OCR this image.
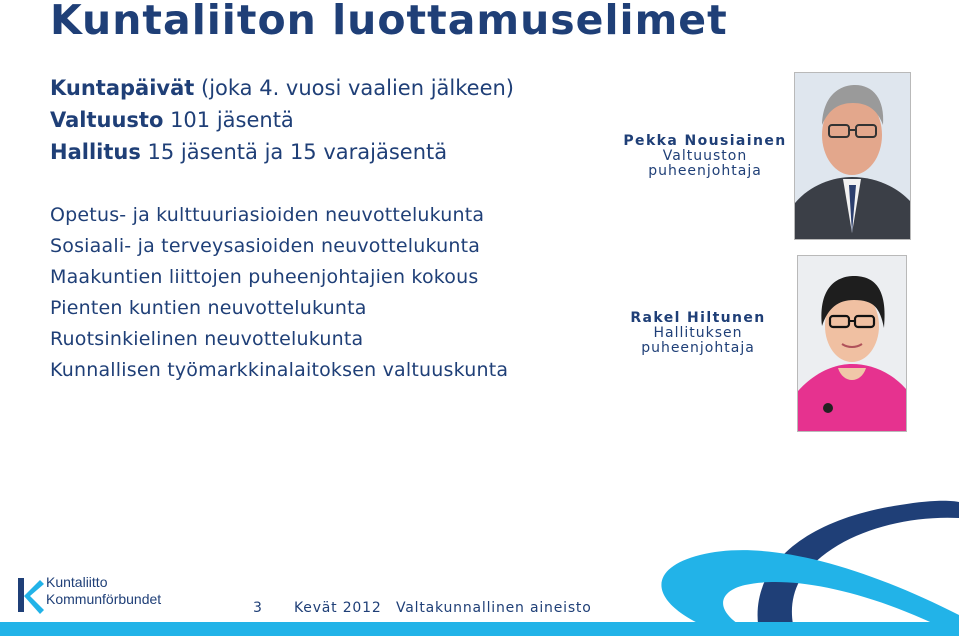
Kuntaliiton luottamuselimet
Kuntapäivät (joka 4. vuosi vaalien jälkeen)
Valtuusto 101 jäsentä
Hallitus 15 jäsentä ja 15 varajäsentä
Opetus- ja kulttuuriasioiden neuvottelukunta
Sosiaali- ja terveysasioiden neuvottelukunta
Maakuntien liittojen puheenjohtajien kokous
Pienten kuntien neuvottelukunta
Ruotsinkielinen neuvottelukunta
Kunnallisen työmarkkinalaitoksen valtuuskunta
Pekka Nousiainen
Valtuuston
puheenjohtaja
Rakel Hiltunen
Hallituksen
puheenjohtaja
Kuntaliitto
Kommunförbundet
3 Kevät 2012 Valtakunnallinen aineisto
